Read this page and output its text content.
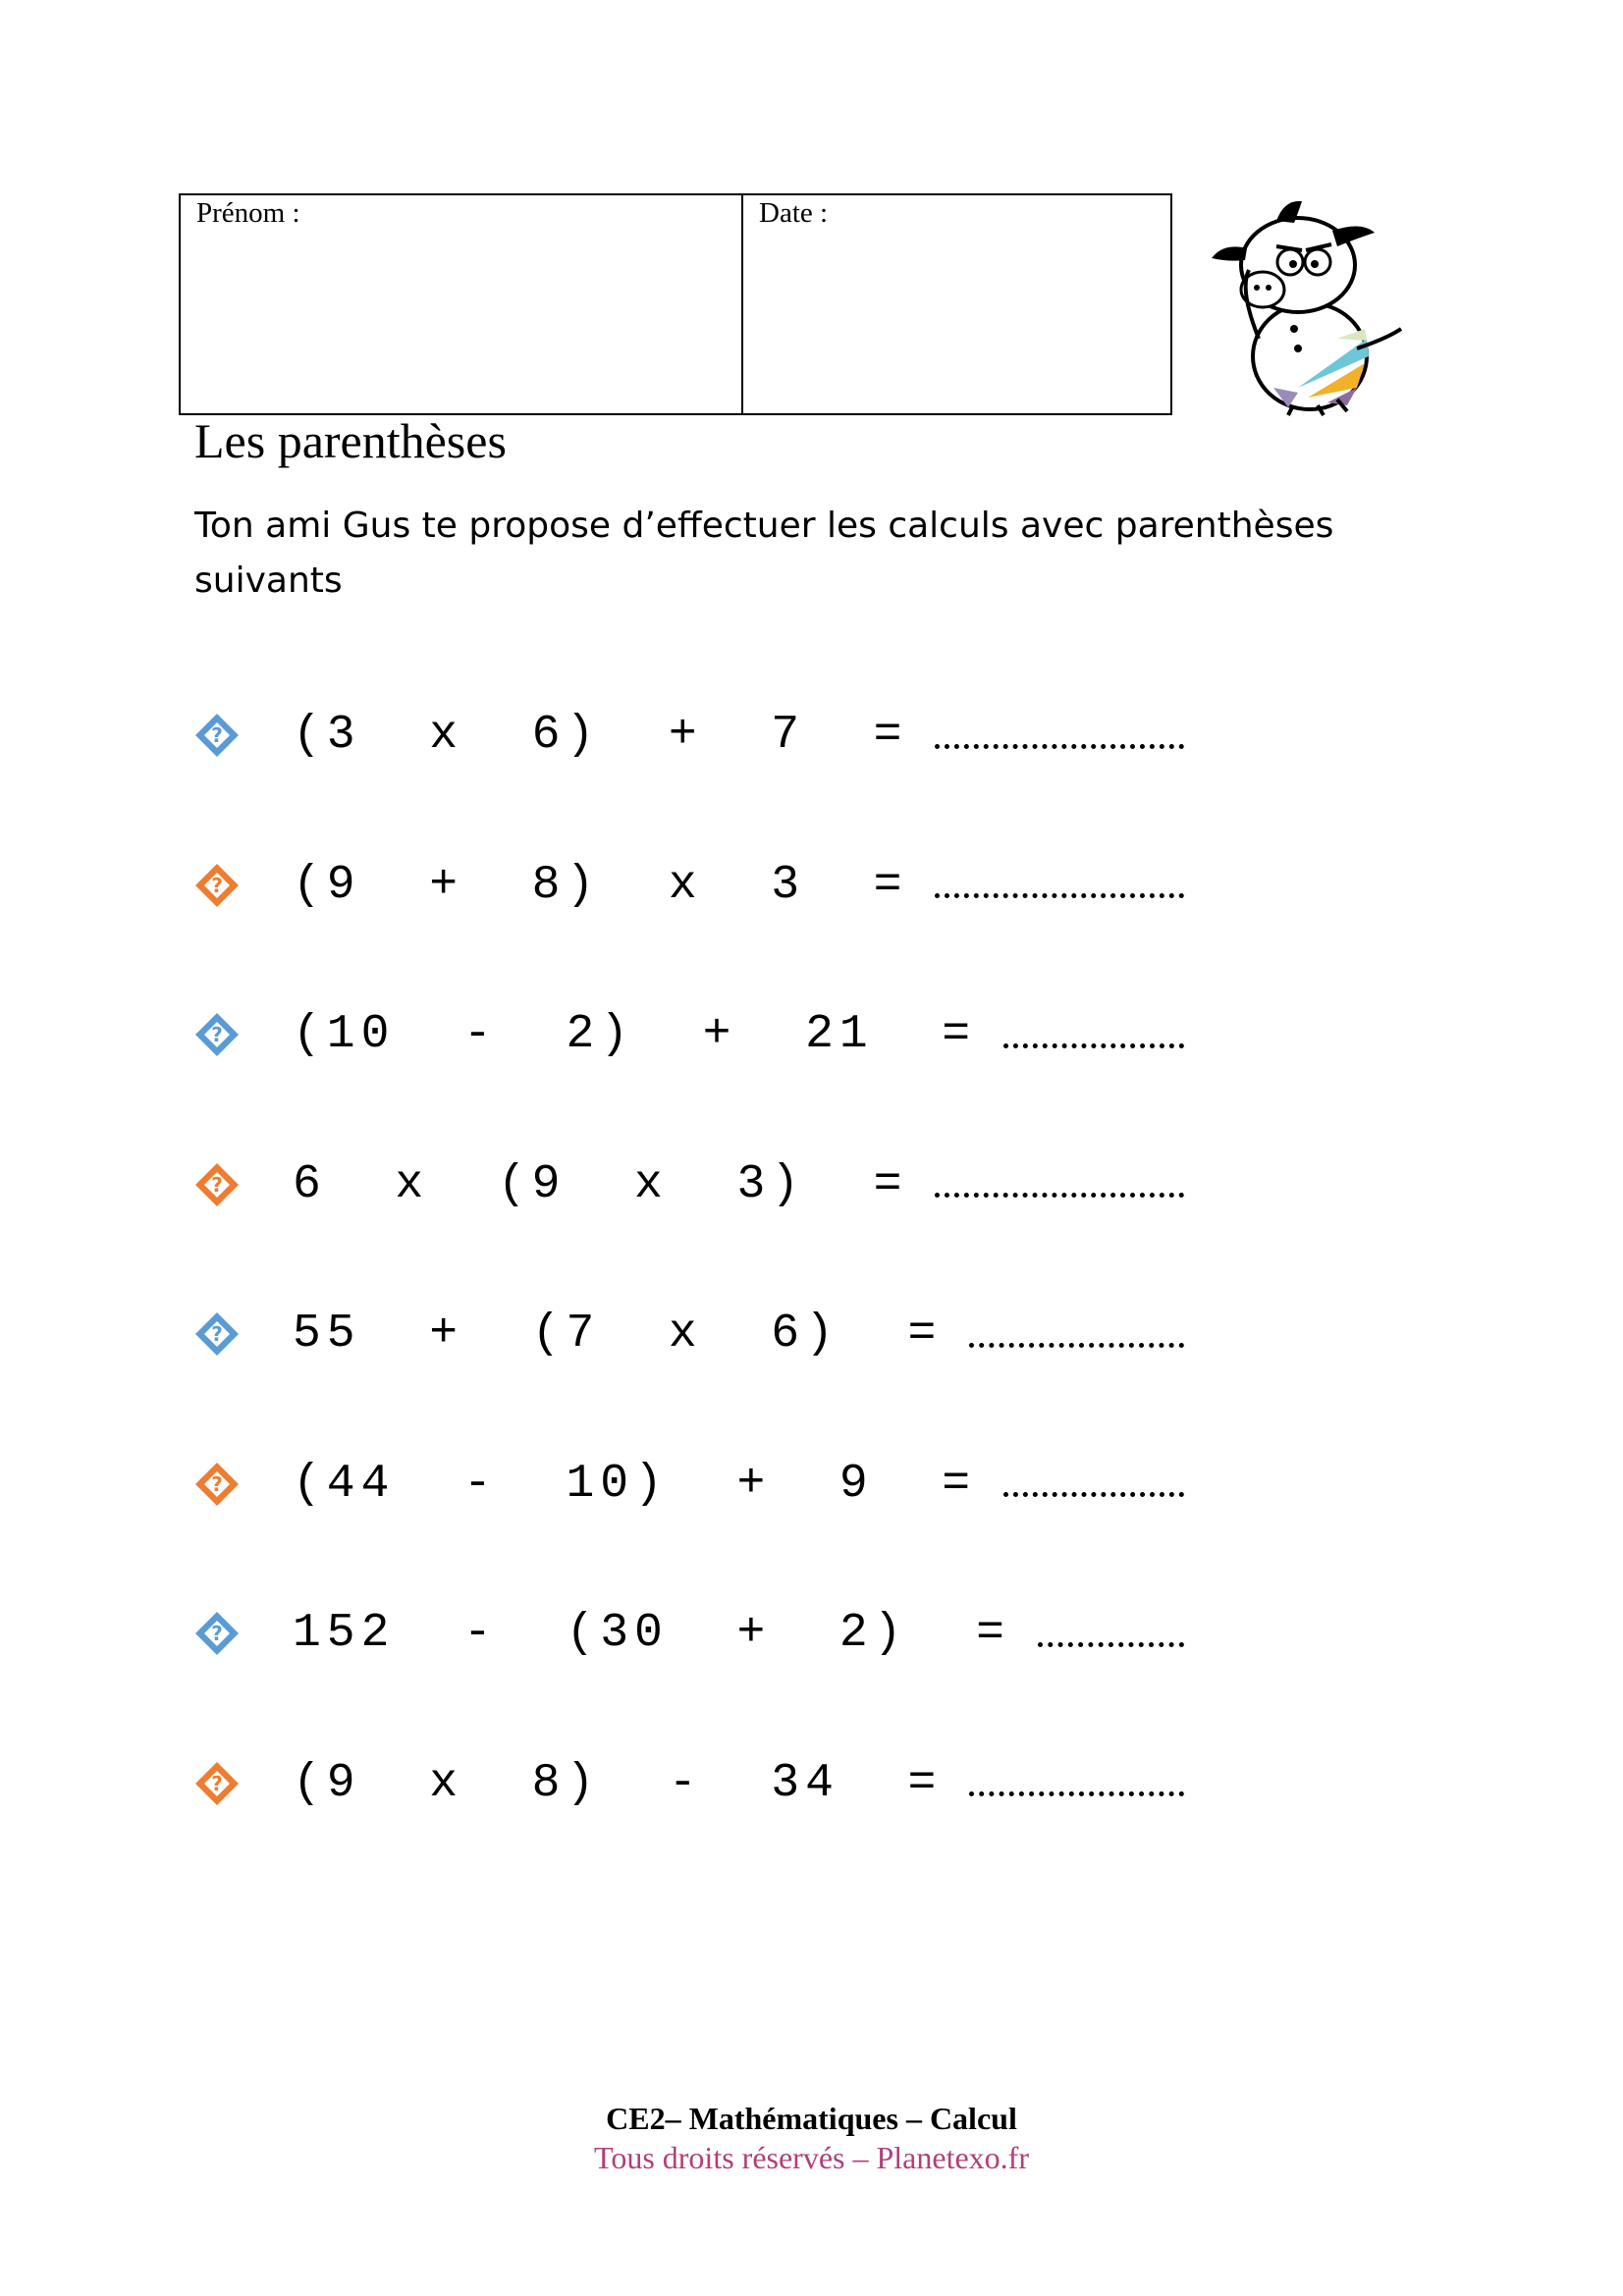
Prénom :	Date :
Les parenthèses
Ton ami Gus te propose d’effectuer les calculs avec parenthèses suivants
? (3  x  6)  +  7  =
? (9  +  8)  x  3  =
? (10  -  2)  +  21  =
? 6  x  (9  x  3)  =
? 55  +  (7  x  6)  =
? (44  -  10)  +  9  =
? 152  -  (30  +  2)  =
? (9  x  8)  -  34  =
CE2– Mathématiques – Calcul
Tous droits réservés – Planetexo.fr
